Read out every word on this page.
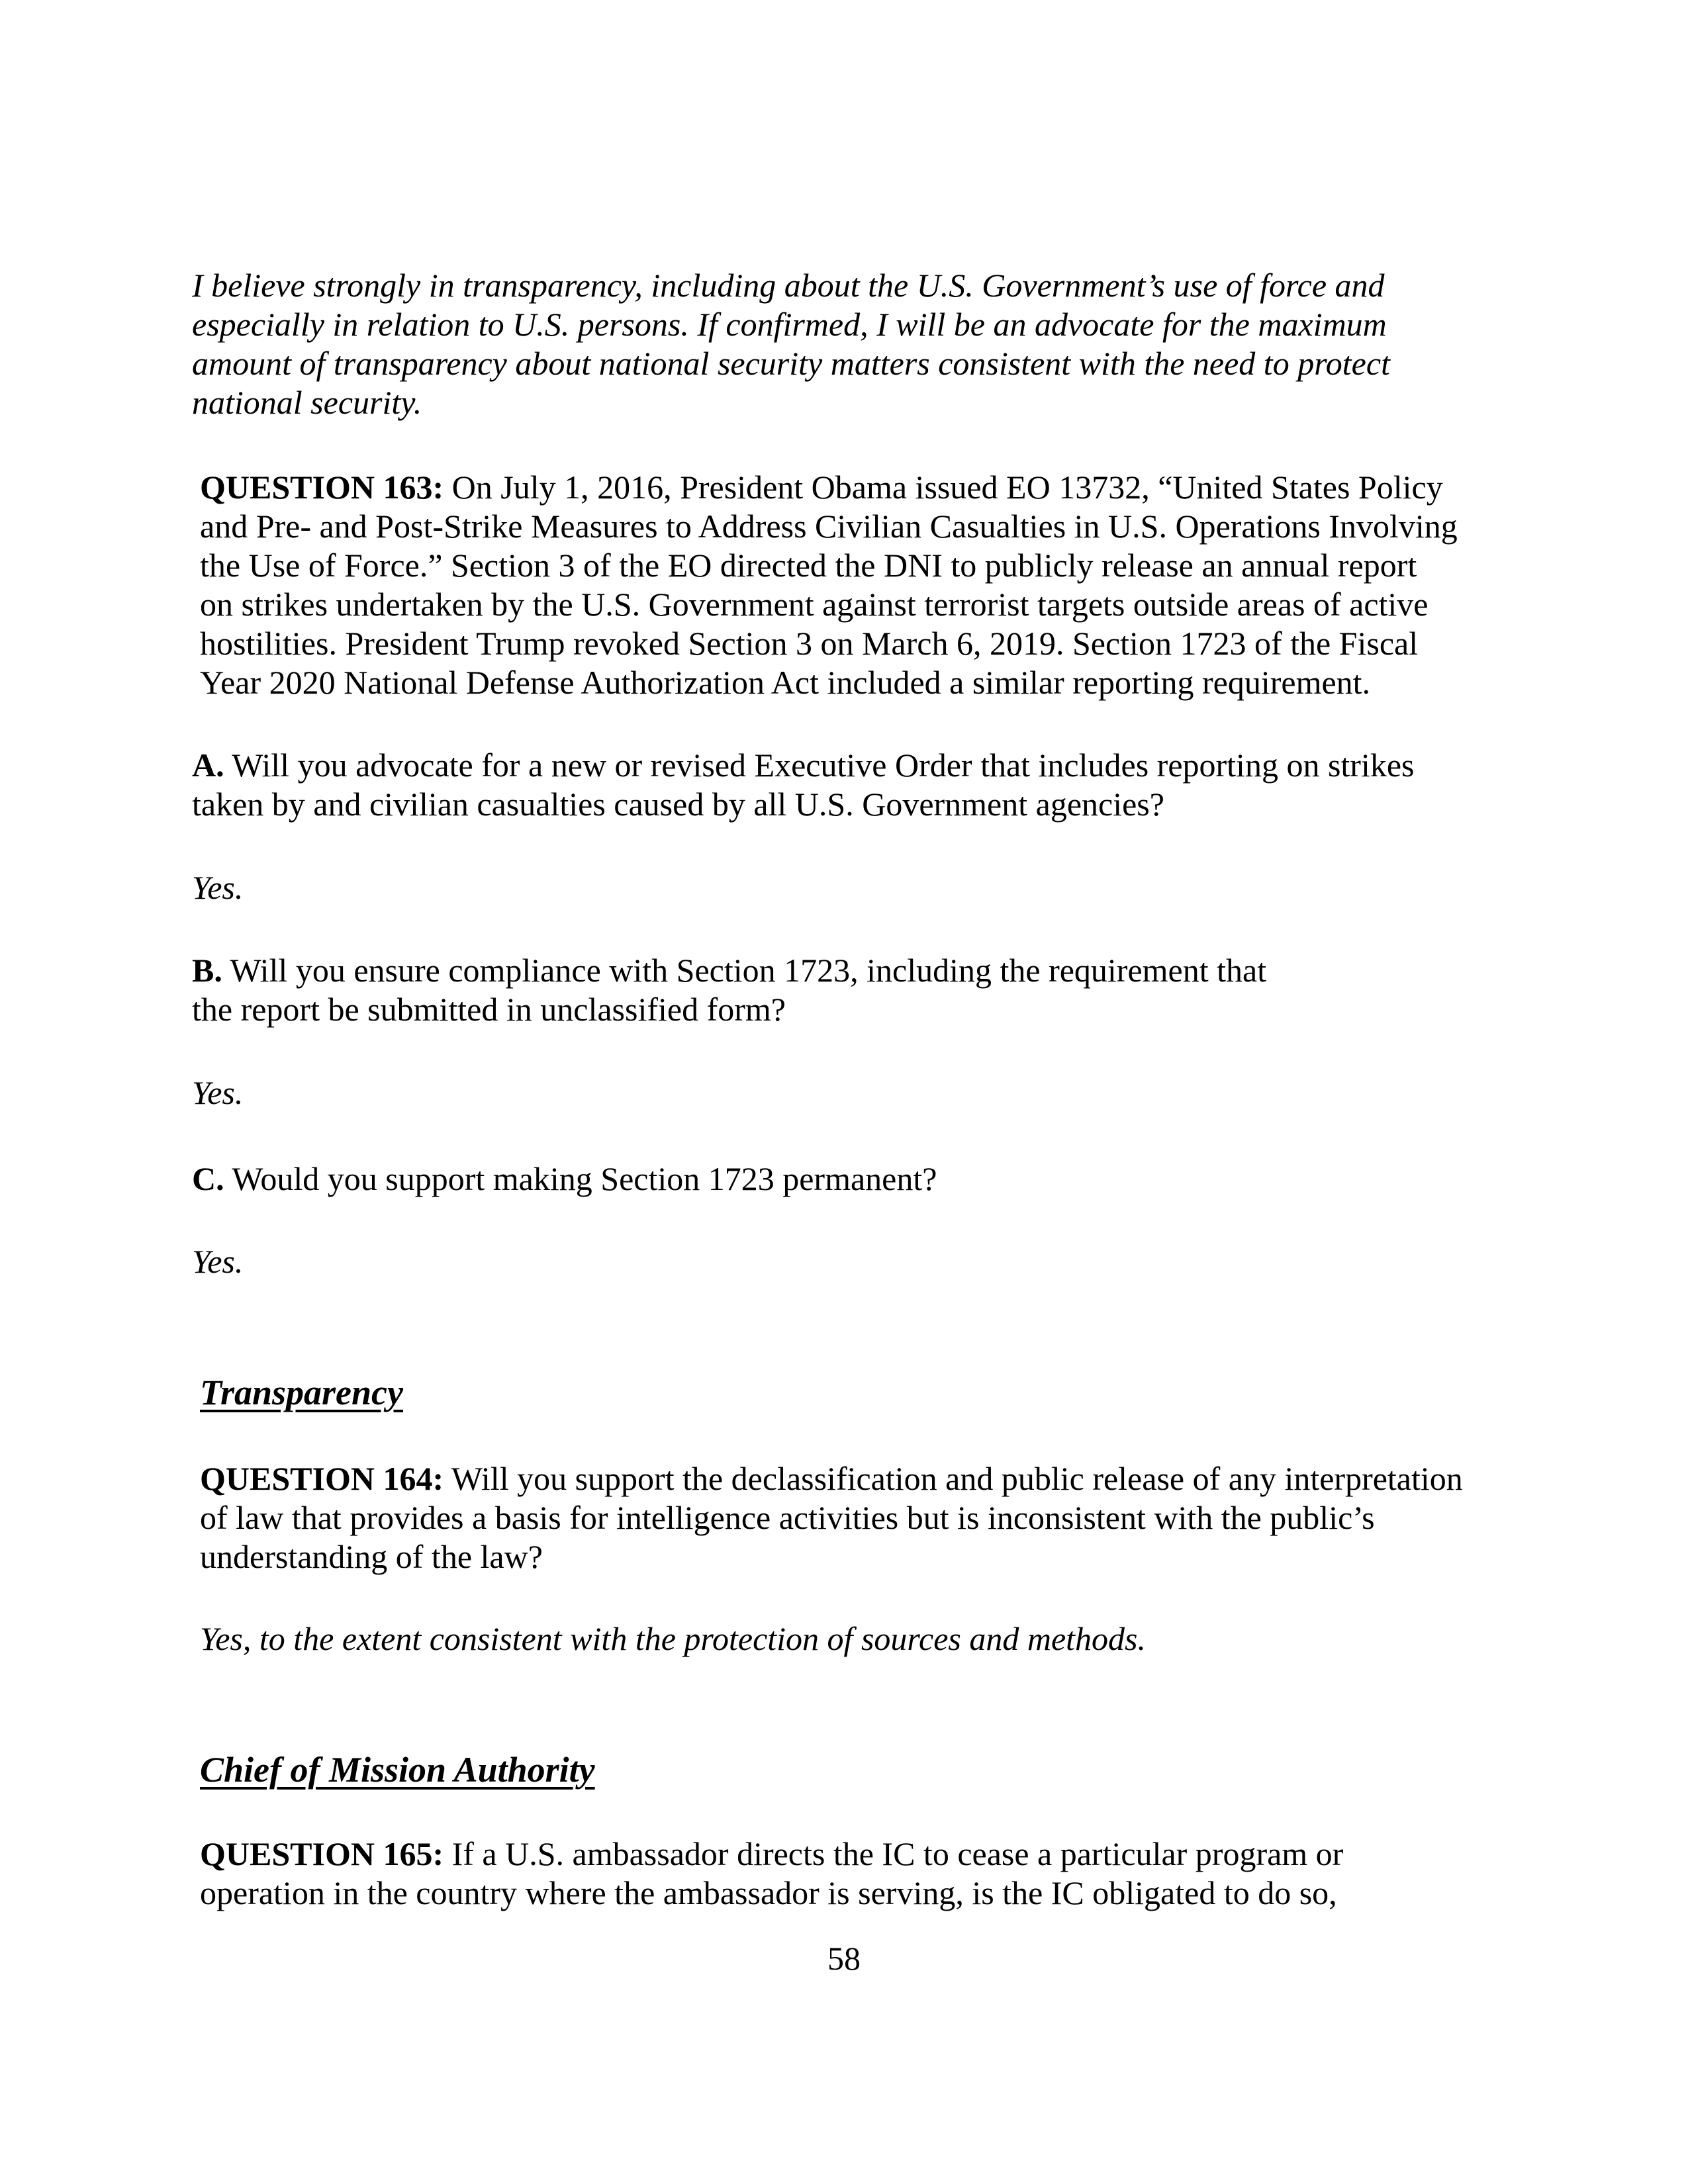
I believe strongly in transparency, including about the U.S. Government’s use of force and especially in relation to U.S. persons. If confirmed, I will be an advocate for the maximum amount of transparency about national security matters consistent with the need to protect national security.

QUESTION 163: On July 1, 2016, President Obama issued EO 13732, “United States Policy and Pre- and Post-Strike Measures to Address Civilian Casualties in U.S. Operations Involving the Use of Force.” Section 3 of the EO directed the DNI to publicly release an annual report on strikes undertaken by the U.S. Government against terrorist targets outside areas of active hostilities. President Trump revoked Section 3 on March 6, 2019. Section 1723 of the Fiscal Year 2020 National Defense Authorization Act included a similar reporting requirement.

A. Will you advocate for a new or revised Executive Order that includes reporting on strikes taken by and civilian casualties caused by all U.S. Government agencies?

Yes.

B. Will you ensure compliance with Section 1723, including the requirement that
the report be submitted in unclassified form?

Yes.

C. Would you support making Section 1723 permanent?

Yes.

Transparency

QUESTION 164: Will you support the declassification and public release of any interpretation of law that provides a basis for intelligence activities but is inconsistent with the public’s understanding of the law?

Yes, to the extent consistent with the protection of sources and methods.

Chief of Mission Authority

QUESTION 165: If a U.S. ambassador directs the IC to cease a particular program or operation in the country where the ambassador is serving, is the IC obligated to do so,

58
